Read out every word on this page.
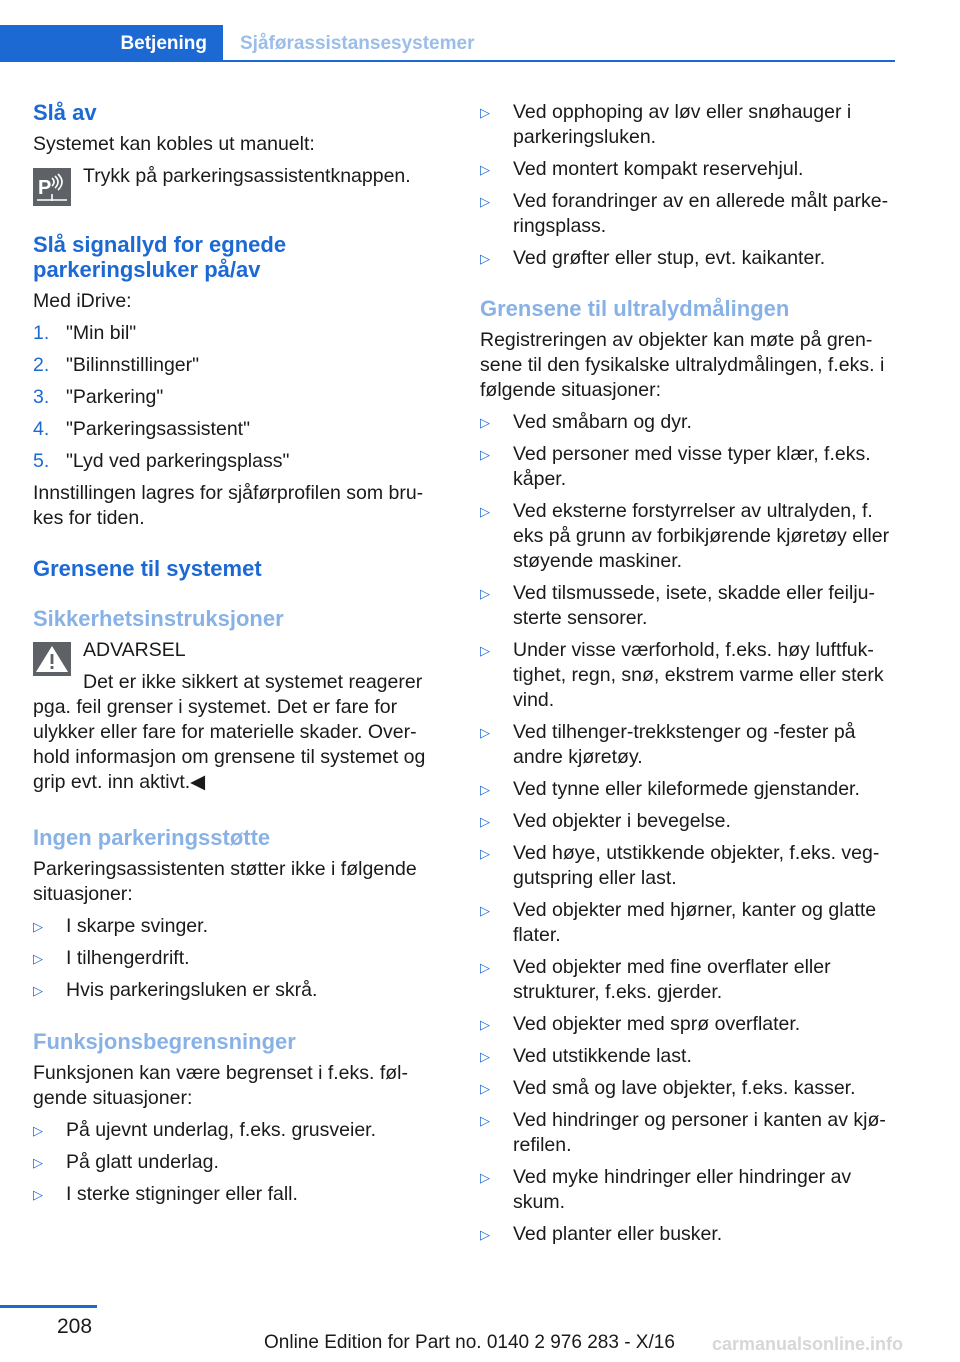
Betjening	Sjåførassistansesystemer
Slå av

Systemet kan kobles ut manuelt:

P

Trykk på parkeringsassistentknappen.

Slå signallyd for egnede parkeringsluker på/av

Med iDrive:

1. "Min bil"
2. "Bilinnstillinger"
3. "Parkering"
4. "Parkeringsassistent"
5. "Lyd ved parkeringsplass"

Innstillingen lagres for sjåførprofilen som brukes for tiden.

Grensene til systemet
Sikkerhetsinstruksjoner

ADVARSEL

Det er ikke sikkert at systemet reagerer

pga. feil grenser i systemet. Det er fare for ulykker eller fare for materielle skader. Overhold informasjon om grensene til systemet og grip evt. inn aktivt.◀

Ingen parkeringsstøtte

Parkeringsassistenten støtter ikke i følgende situasjoner:

▷ I skarpe svinger.
▷ I tilhengerdrift.
▷ Hvis parkeringsluken er skrå.
Funksjonsbegrensninger

Funksjonen kan være begrenset i f.eks. følgende situasjoner:

▷ På ujevnt underlag, f.eks. grusveier.
▷ På glatt underlag.
▷ I sterke stigninger eller fall.
▷ Ved opphoping av løv eller snøhauger i parkeringsluken.
▷ Ved montert kompakt reservehjul.
▷ Ved forandringer av en allerede målt parkeringsplass.
▷ Ved grøfter eller stup, evt. kaikanter.
Grensene til ultralydmålingen

Registreringen av objekter kan møte på grensene til den fysikalske ultralydmålingen, f.eks. i følgende situasjoner:

▷ Ved småbarn og dyr.
▷ Ved personer med visse typer klær, f.eks. kåper.
▷ Ved eksterne forstyrrelser av ultralyden, f. eks på grunn av forbikjørende kjøretøy eller støyende maskiner.
▷ Ved tilsmussede, isete, skadde eller feiljusterte sensorer.
▷ Under visse værforhold, f.eks. høy luftfuktighet, regn, snø, ekstrem varme eller sterk vind.
▷ Ved tilhenger-trekkstenger og -fester på andre kjøretøy.
▷ Ved tynne eller kileformede gjenstander.
▷ Ved objekter i bevegelse.
▷ Ved høye, utstikkende objekter, f.eks. veggutspring eller last.
▷ Ved objekter med hjørner, kanter og glatte flater.
▷ Ved objekter med fine overflater eller strukturer, f.eks. gjerder.
▷ Ved objekter med sprø overflater.
▷ Ved utstikkende last.
▷ Ved små og lave objekter, f.eks. kasser.
▷ Ved hindringer og personer i kanten av kjørefilen.
▷ Ved myke hindringer eller hindringer av skum.
▷ Ved planter eller busker.
208
Online Edition for Part no. 0140 2 976 283 - X/16 carmanualsonline.info
